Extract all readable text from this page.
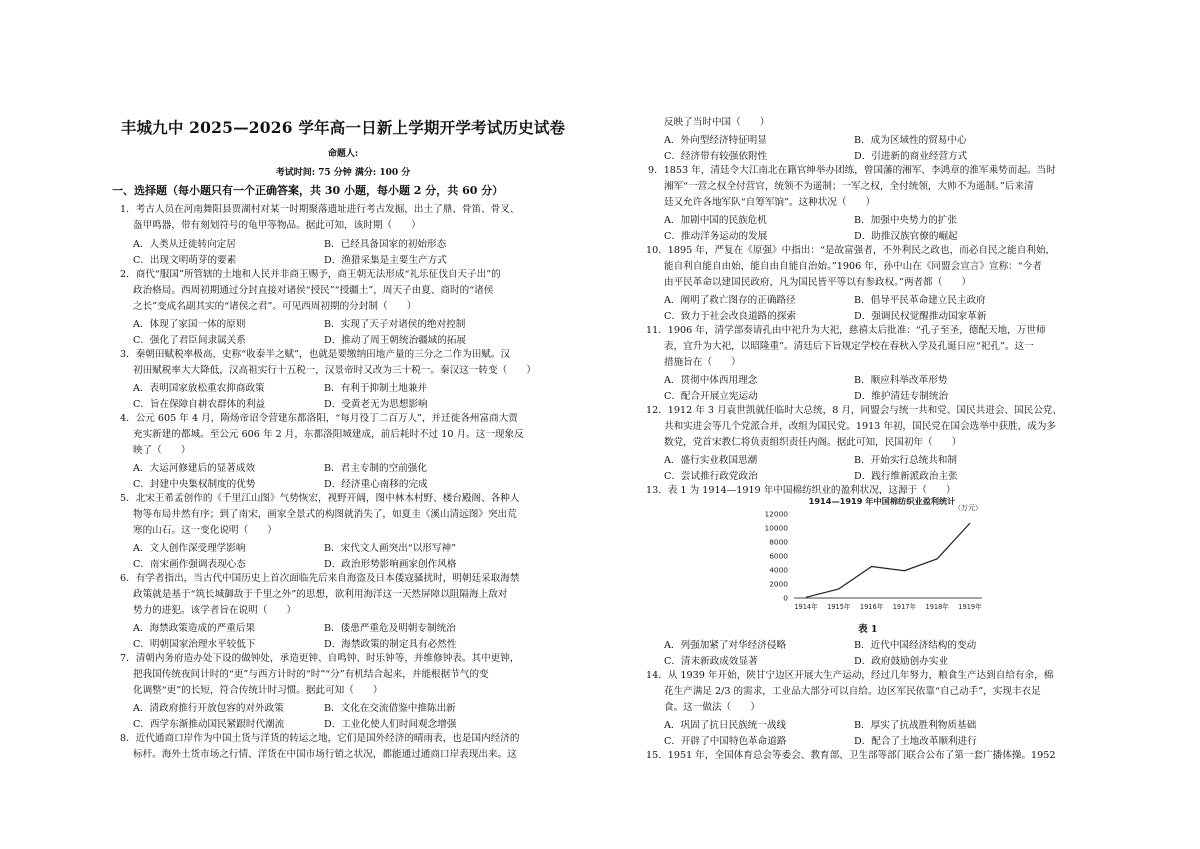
丰城九中 2025—2026 学年高一日新上学期开学考试历史试卷
命题人:
考试时间: 75 分钟 满分: 100 分
一、选择题（每小题只有一个正确答案，共 30 小题，每小题 2 分，共 60 分）
1．考古人员在河南舞阳县贾湖村对某一时期聚落遗址进行考古发掘，出土了鼎、骨笛、骨叉、
盔甲鸣器，带有刻划符号的龟甲等物品。据此可知，该时期（　　）
A．人类从迁徙转向定居	B．已经具备国家的初始形态
C．出现文明萌芽的要素	D．渔猎采集是主要生产方式
2．商代“服国”所管辖的土地和人民并非商王赐予，商王朝无法形成“礼乐征伐自天子出”的
政治格局。西周初期通过分封直接对诸侯“授民”“授疆土”，周天子由夏、商时的“诸侯
之长”变成名副其实的“诸侯之君”。可见西周初期的分封制（　　）
A．体现了家国一体的原则	B．实现了天子对诸侯的绝对控制
C．强化了君臣间隶属关系	D．推动了周王朝统治疆域的拓展
3．秦朝田赋税率极高，史称“收泰半之赋”，也就是要缴纳田地产量的三分之二作为田赋。汉
初田赋税率大大降低，汉高祖实行十五税一，汉景帝时又改为三十税一。秦汉这一转变（　　）
A．表明国家放松重农抑商政策	B．有利于抑制土地兼并
C．旨在保障自耕农群体的利益	D．受黄老无为思想影响
4．公元 605 年 4 月，隋炀帝诏令营建东都洛阳，“每月役丁二百万人”，并迁徙各州富商大贾
充实新建的都城。至公元 606 年 2 月，东都洛阳城建成，前后耗时不过 10 月。这一现象反
映了（　　）
A．大运河修建后的显著成效	B．君主专制的空前强化
C．封建中央集权制度的优势	D．经济重心南移的完成
5．北宋王希孟创作的《千里江山图》气势恢宏，视野开阔，图中林木村野、楼台殿阁、各种人
物等布局井然有序；到了南宋，画家全景式的构图就消失了，如夏圭《溪山清远图》突出荒
寒的山石。这一变化说明（　　）
A．文人创作深受理学影响	B．宋代文人画突出“以形写神”
C．南宋画作强调表现心态	D．政治形势影响画家创作风格
6．有学者指出，当古代中国历史上首次面临先后来自海盗及日本倭寇骚扰时，明朝廷采取海禁
政策就是基于“筑长城御敌于千里之外”的思想，欲利用海洋这一天然屏障以阻隔海上敌对
势力的进犯。该学者旨在说明（　　）
A．海禁政策造成的严重后果	B．倭患严重危及明朝专制统治
C．明朝国家治理水平较低下	D．海禁政策的制定具有必然性
7．清朝内务府造办处下设的做钟处，承造更钟、自鸣钟、时乐钟等，并维修钟表。其中更钟，
把我国传统夜间计时的“更”与西方计时的“时”“分”有机结合起来，并能根据节气的变
化调整“更”的长短，符合传统计时习惯。据此可知（　　）
A．清政府推行开放包容的对外政策	B．文化在交流借鉴中推陈出新
C．西学东渐推动国民紧跟时代潮流	D．工业化使人们时间观念增强
8．近代通商口岸作为中国土货与洋货的转运之地，它们是国外经济的晴雨表，也是国内经济的
标杆。海外土货市场之行情、洋货在中国市场行销之状况，都能通过通商口岸表现出来。这
反映了当时中国（　　）
A．外向型经济特征明显	B．成为区域性的贸易中心
C．经济带有较强依附性	D．引进新的商业经营方式
9．1853 年，清廷令大江南北在籍官绅举办团练，曾国藩的湘军、李鸿章的淮军乘势而起。当时
湘军“一营之权全付营官，统领不为遥制；一军之权，全付统领，大帅不为遥制。”后来清
廷又允许各地军队“自筹军饷”。这种状况（　　）
A．加剧中国的民族危机	B．加强中央势力的扩张
C．推动洋务运动的发展	D．助推汉族官僚的崛起
10．1895 年，严复在《原强》中指出：“是故富强者，不外利民之政也，而必自民之能自利始，
能自利自能自由始，能自由自能自治始。”1906 年，孙中山在《同盟会宣言》宣称：“今者
由平民革命以建国民政府，凡为国民皆平等以有参政权。”两者都（　　）
A．阐明了救亡图存的正确路径	B．倡导平民革命建立民主政府
C．致力于社会改良道路的探索	D．强调民权觉醒推动国家革新
11．1906 年，清学部奏请孔由中祀升为大祀，慈禧太后批准：“孔子至圣，德配天地，万世师
表，宜升为大祀，以昭隆重”。清廷后下旨规定学校在春秋入学及孔诞日应“祀孔”。这一
措施旨在（　　）
A．贯彻中体西用理念	B．顺应科举改革形势
C．配合开展立宪运动	D．维护清廷专制统治
12．1912 年 3 月袁世凯就任临时大总统，8 月，同盟会与统一共和党、国民共进会、国民公党、
共和实进会等几个党派合并，改组为国民党。1913 年初，国民党在国会选举中获胜，成为多
数党，党首宋教仁将负责组织责任内阁。据此可知，民国初年（　　）
A．盛行实业救国思潮	B．开始实行总统共和制
C．尝试推行政党政治	D．践行维新派政治主张
13．表 1 为 1914—1919 年中国棉纺织业的盈利状况，这源于（　　）
1914—1919 年中国棉纺织业盈利统计
（万元）
12000
10000
8000
6000
4000
2000
0
1914年 1915年 1916年 1917年 1918年 1919年
表 1
A．列强加紧了对华经济侵略	B．近代中国经济结构的变动
C．清末新政成效显著	D．政府鼓励创办实业
14．从 1939 年开始，陕甘宁边区开展大生产运动，经过几年努力，粮食生产达到自给有余，棉
花生产满足 2/3 的需求，工业品大部分可以自给。边区军民依靠“自己动手”，实现丰衣足
食。这一做法（　　）
A．巩固了抗日民族统一战线	B．厚实了抗战胜利物质基础
C．开辟了中国特色革命道路	D．配合了土地改革顺利进行
15．1951 年，全国体育总会等委会、教育部、卫生部等部门联合公布了第一套广播体操。1952
